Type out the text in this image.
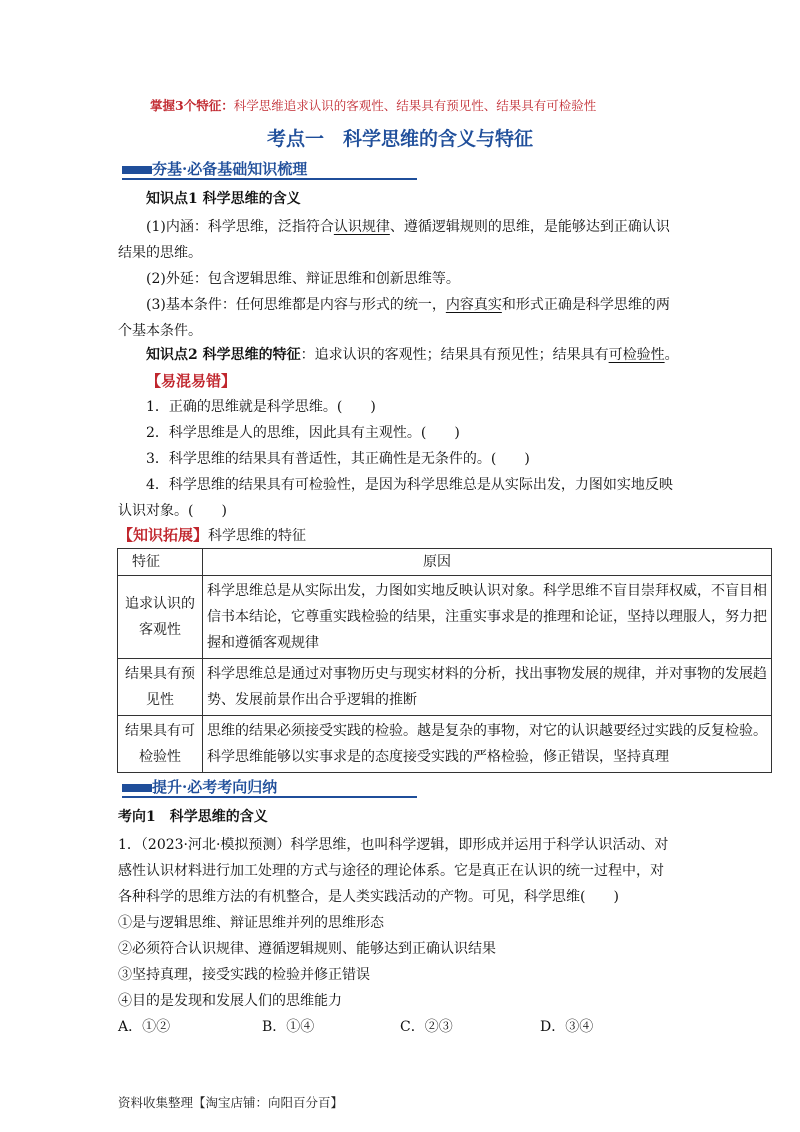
掌握3个特征：科学思维追求认识的客观性、结果具有预见性、结果具有可检验性
考点一　科学思维的含义与特征
夯基·必备基础知识梳理
知识点1 科学思维的含义
(1)内涵：科学思维，泛指符合认识规律、遵循逻辑规则的思维，是能够达到正确认识
结果的思维。
(2)外延：包含逻辑思维、辩证思维和创新思维等。
(3)基本条件：任何思维都是内容与形式的统一，内容真实和形式正确是科学思维的两
个基本条件。
知识点2 科学思维的特征：追求认识的客观性；结果具有预见性；结果具有可检验性。
【易混易错】
1．正确的思维就是科学思维。(　　)
2．科学思维是人的思维，因此具有主观性。(　　)
3．科学思维的结果具有普适性，其正确性是无条件的。(　　)
4．科学思维的结果具有可检验性，是因为科学思维总是从实际出发，力图如实地反映
认识对象。(　　)
【知识拓展】科学思维的特征
特征	原因
追求认识的客观性	科学思维总是从实际出发，力图如实地反映认识对象。科学思维不盲目崇拜权威，不盲目相信书本结论，它尊重实践检验的结果，注重实事求是的推理和论证，坚持以理服人，努力把握和遵循客观规律
结果具有预见性	科学思维总是通过对事物历史与现实材料的分析，找出事物发展的规律，并对事物的发展趋势、发展前景作出合乎逻辑的推断
结果具有可检验性	思维的结果必须接受实践的检验。越是复杂的事物，对它的认识越要经过实践的反复检验。科学思维能够以实事求是的态度接受实践的严格检验，修正错误，坚持真理
提升·必考考向归纳
考向1　科学思维的含义
1．（2023·河北·模拟预测）科学思维，也叫科学逻辑，即形成并运用于科学认识活动、对
感性认识材料进行加工处理的方式与途径的理论体系。它是真正在认识的统一过程中，对
各种科学的思维方法的有机整合，是人类实践活动的产物。可见，科学思维(　　)
①是与逻辑思维、辩证思维并列的思维形态
②必须符合认识规律、遵循逻辑规则、能够达到正确认识结果
③坚持真理，接受实践的检验并修正错误
④目的是发现和发展人们的思维能力
A．①②	B．①④	C．②③	D．③④
资料收集整理【淘宝店铺：向阳百分百】
